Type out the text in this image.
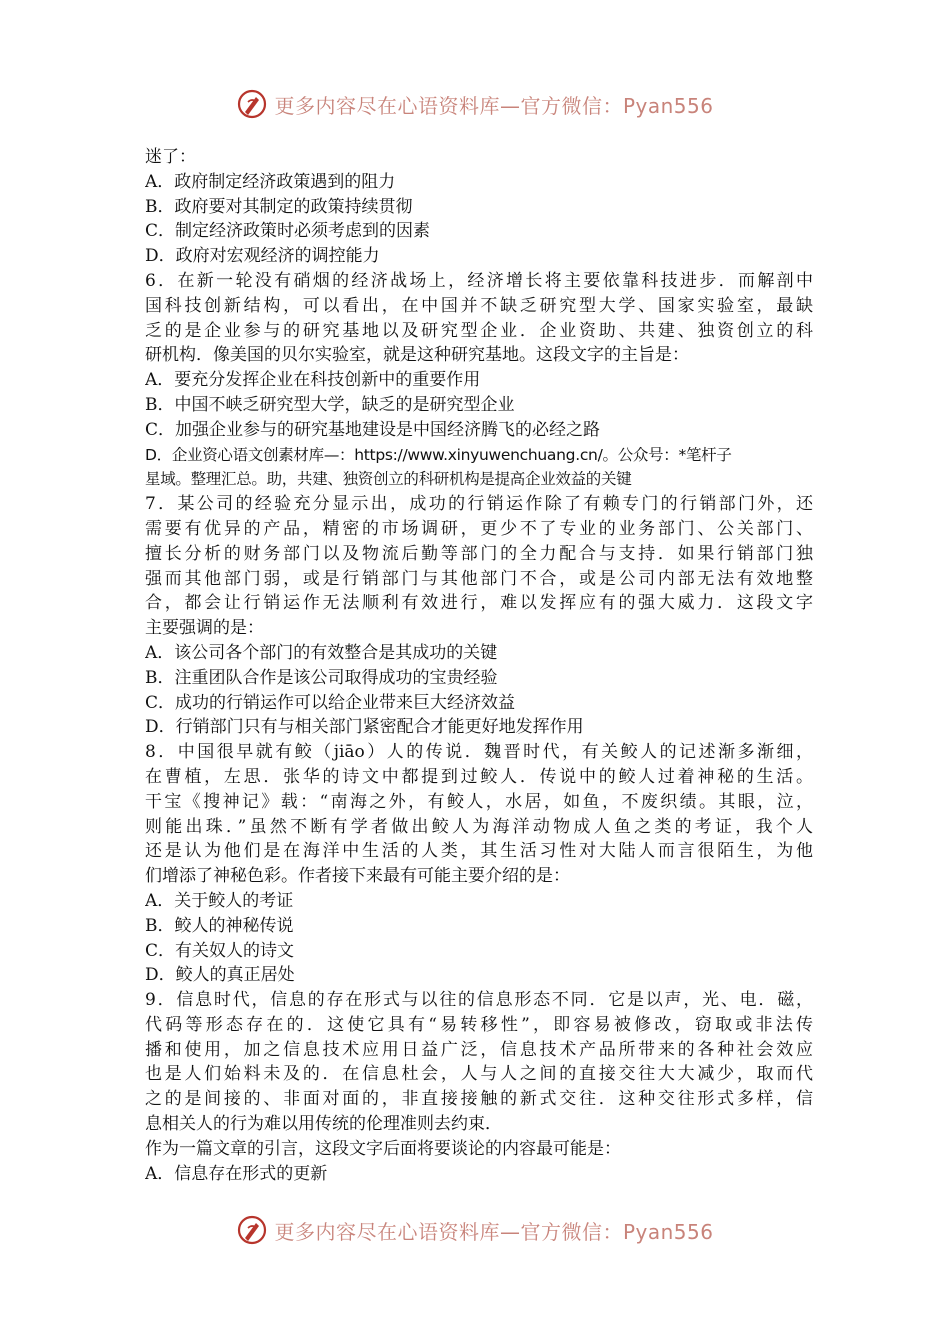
更多内容尽在心语资料库—官方微信：Pyan556
迷了：
A．政府制定经济政策遇到的阻力
B．政府要对其制定的政策持续贯彻
C．制定经济政策时必须考虑到的因素
D．政府对宏观经济的调控能力
6．在新一轮没有硝烟的经济战场上，经济增长将主要依靠科技进步．而解剖中
国科技创新结构，可以看出，在中国并不缺乏研究型大学、国家实验室，最缺
乏的是企业参与的研究基地以及研究型企业．企业资助、共建、独资创立的科
研机构．像美国的贝尔实验室，就是这种研究基地。这段文字的主旨是：
A．要充分发挥企业在科技创新中的重要作用
B．中国不峡乏研究型大学，缺乏的是研究型企业
C．加强企业参与的研究基地建设是中国经济腾飞的必经之路
D．企业资心语文创素材库—：https://www.xinyuwenchuang.cn/。公众号：*笔杆子
星域。整理汇总。助，共建、独资创立的科研机构是提高企业效益的关键
7．某公司的经验充分显示出，成功的行销运作除了有赖专门的行销部门外，还
需要有优异的产品，精密的市场调研，更少不了专业的业务部门、公关部门、
擅长分析的财务部门以及物流后勤等部门的全力配合与支持．如果行销部门独
强而其他部门弱，或是行销部门与其他部门不合，或是公司内部无法有效地整
合，都会让行销运作无法顺利有效进行，难以发挥应有的强大威力．这段文字
主要强调的是：
A．该公司各个部门的有效整合是其成功的关键
B．注重团队合作是该公司取得成功的宝贵经验
C．成功的行销运作可以给企业带来巨大经济效益
D．行销部门只有与相关部门紧密配合才能更好地发挥作用
8．中国很早就有鲛（jiāo）人的传说．魏晋时代，有关鲛人的记述渐多渐细，
在曹植，左思．张华的诗文中都提到过鲛人．传说中的鲛人过着神秘的生活。
干宝《搜神记》载：“南海之外，有鲛人，水居，如鱼，不废织绩。其眼，泣，
则能出珠．”虽然不断有学者做出鲛人为海洋动物成人鱼之类的考证，我个人
还是认为他们是在海洋中生活的人类，其生活习性对大陆人而言很陌生，为他
们增添了神秘色彩。作者接下来最有可能主要介绍的是：
A．关于鲛人的考证
B．鲛人的神秘传说
C．有关奴人的诗文
D．鲛人的真正居处
9．信息时代，信息的存在形式与以往的信息形态不同．它是以声，光、电．磁，
代码等形态存在的．这使它具有“易转移性”，即容易被修改，窃取或非法传
播和使用，加之信息技术应用日益广泛，信息技术产品所带来的各种社会效应
也是人们始料未及的．在信息杜会，人与人之间的直接交往大大减少，取而代
之的是间接的、非面对面的，非直接接触的新式交往．这种交往形式多样，信
息相关人的行为难以用传统的伦理准则去约束．
作为一篇文章的引言，这段文字后面将要谈论的内容最可能是：
A．信息存在形式的更新
更多内容尽在心语资料库—官方微信：Pyan556
